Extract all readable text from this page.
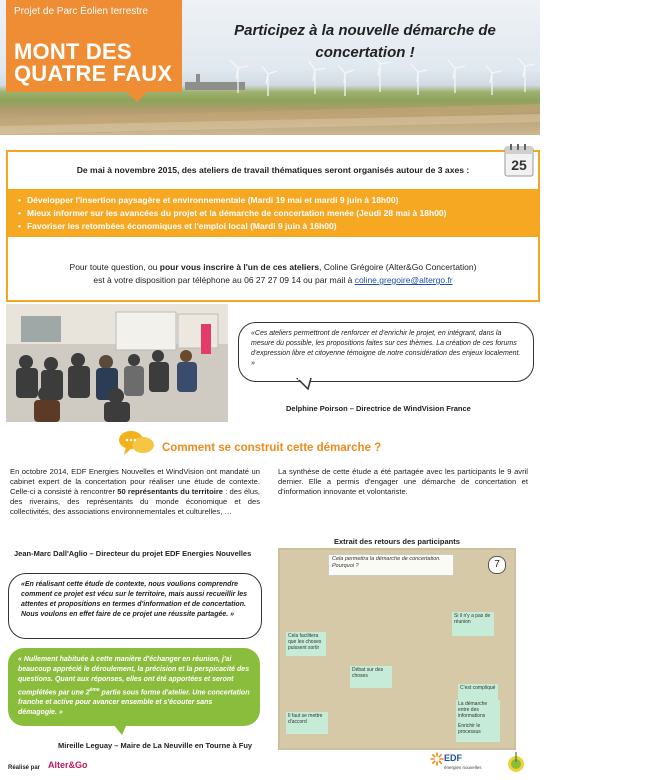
Participez à la nouvelle démarche de concertation !
Projet de Parc Éolien terrestre
MONT DES
QUATRE FAUX
De mai à novembre 2015, des ateliers de travail thématiques seront organisés autour de 3 axes :
• Développer l'insertion paysagère et environnementale (Mardi 19 mai et mardi 9 juin à 18h00)
• Mieux informer sur les avancées du projet et la démarche de concertation menée (Jeudi 28 mai à 18h00)
• Favoriser les retombées économiques et l'emploi local (Mardi 9 juin à 16h00)
Pour toute question, ou pour vous inscrire à l'un de ces ateliers, Coline Grégoire (Alter&Go Concertation)
est à votre disposition par téléphone au 06 27 27 09 14 ou par mail à coline.gregoire@altergo.fr
25
«Ces ateliers permettront de renforcer et d'enrichir le projet, en intégrant, dans la mesure du possible, les propositions faites sur ces thèmes. La création de ces forums d'expression libre et citoyenne témoigne de notre considération des enjeux localement. »
Delphine Poirson – Directrice de WindVision France
Comment se construit cette démarche ?
En octobre 2014, EDF Energies Nouvelles et WindVision ont mandaté un cabinet expert de la concertation pour réaliser une étude de contexte. Celle-ci a consisté à rencontrer 50 représentants du territoire : des élus, des riverains, des représentants du monde économique et des collectivités, des associations environnementales et culturelles, …
La synthèse de cette étude a été partagée avec les participants le 9 avril dernier. Elle a permis d'engager une démarche de concertation et d'information innovante et volontariste.
Jean-Marc Dall'Aglio – Directeur du projet EDF Energies Nouvelles
«En réalisant cette étude de contexte, nous voulions comprendre comment ce projet est vécu sur le territoire, mais aussi recueillir les attentes et propositions en termes d'information et de concertation. Nous voulons en effet faire de ce projet une réussite partagée. »
« Nullement habituée à cette manière d'échanger en réunion, j'ai beaucoup apprécié le déroulement, la précision et la perspicacité des questions. Quant aux réponses, elles ont été apportées et seront complétées par une 2ème partie sous forme d'atelier. Une concertation franche et active pour avancer ensemble et s'écouter sans démagogie. »
Mireille Leguay – Maire de La Neuville en Tourne à Fuy
Extrait des retours des participants
Cela permettra la démarche de concertation. Pourquoi ?	7
Cela facilitera que les choses puissent sortir
Débat sur des choses
Il faut se mettre d'accord
Si il n'y a pas de réunion
C'est compliqué
La démarche entre des informations
Enrichir le processus
Réalisé par Alter&Go
EDF
énergies nouvelles
